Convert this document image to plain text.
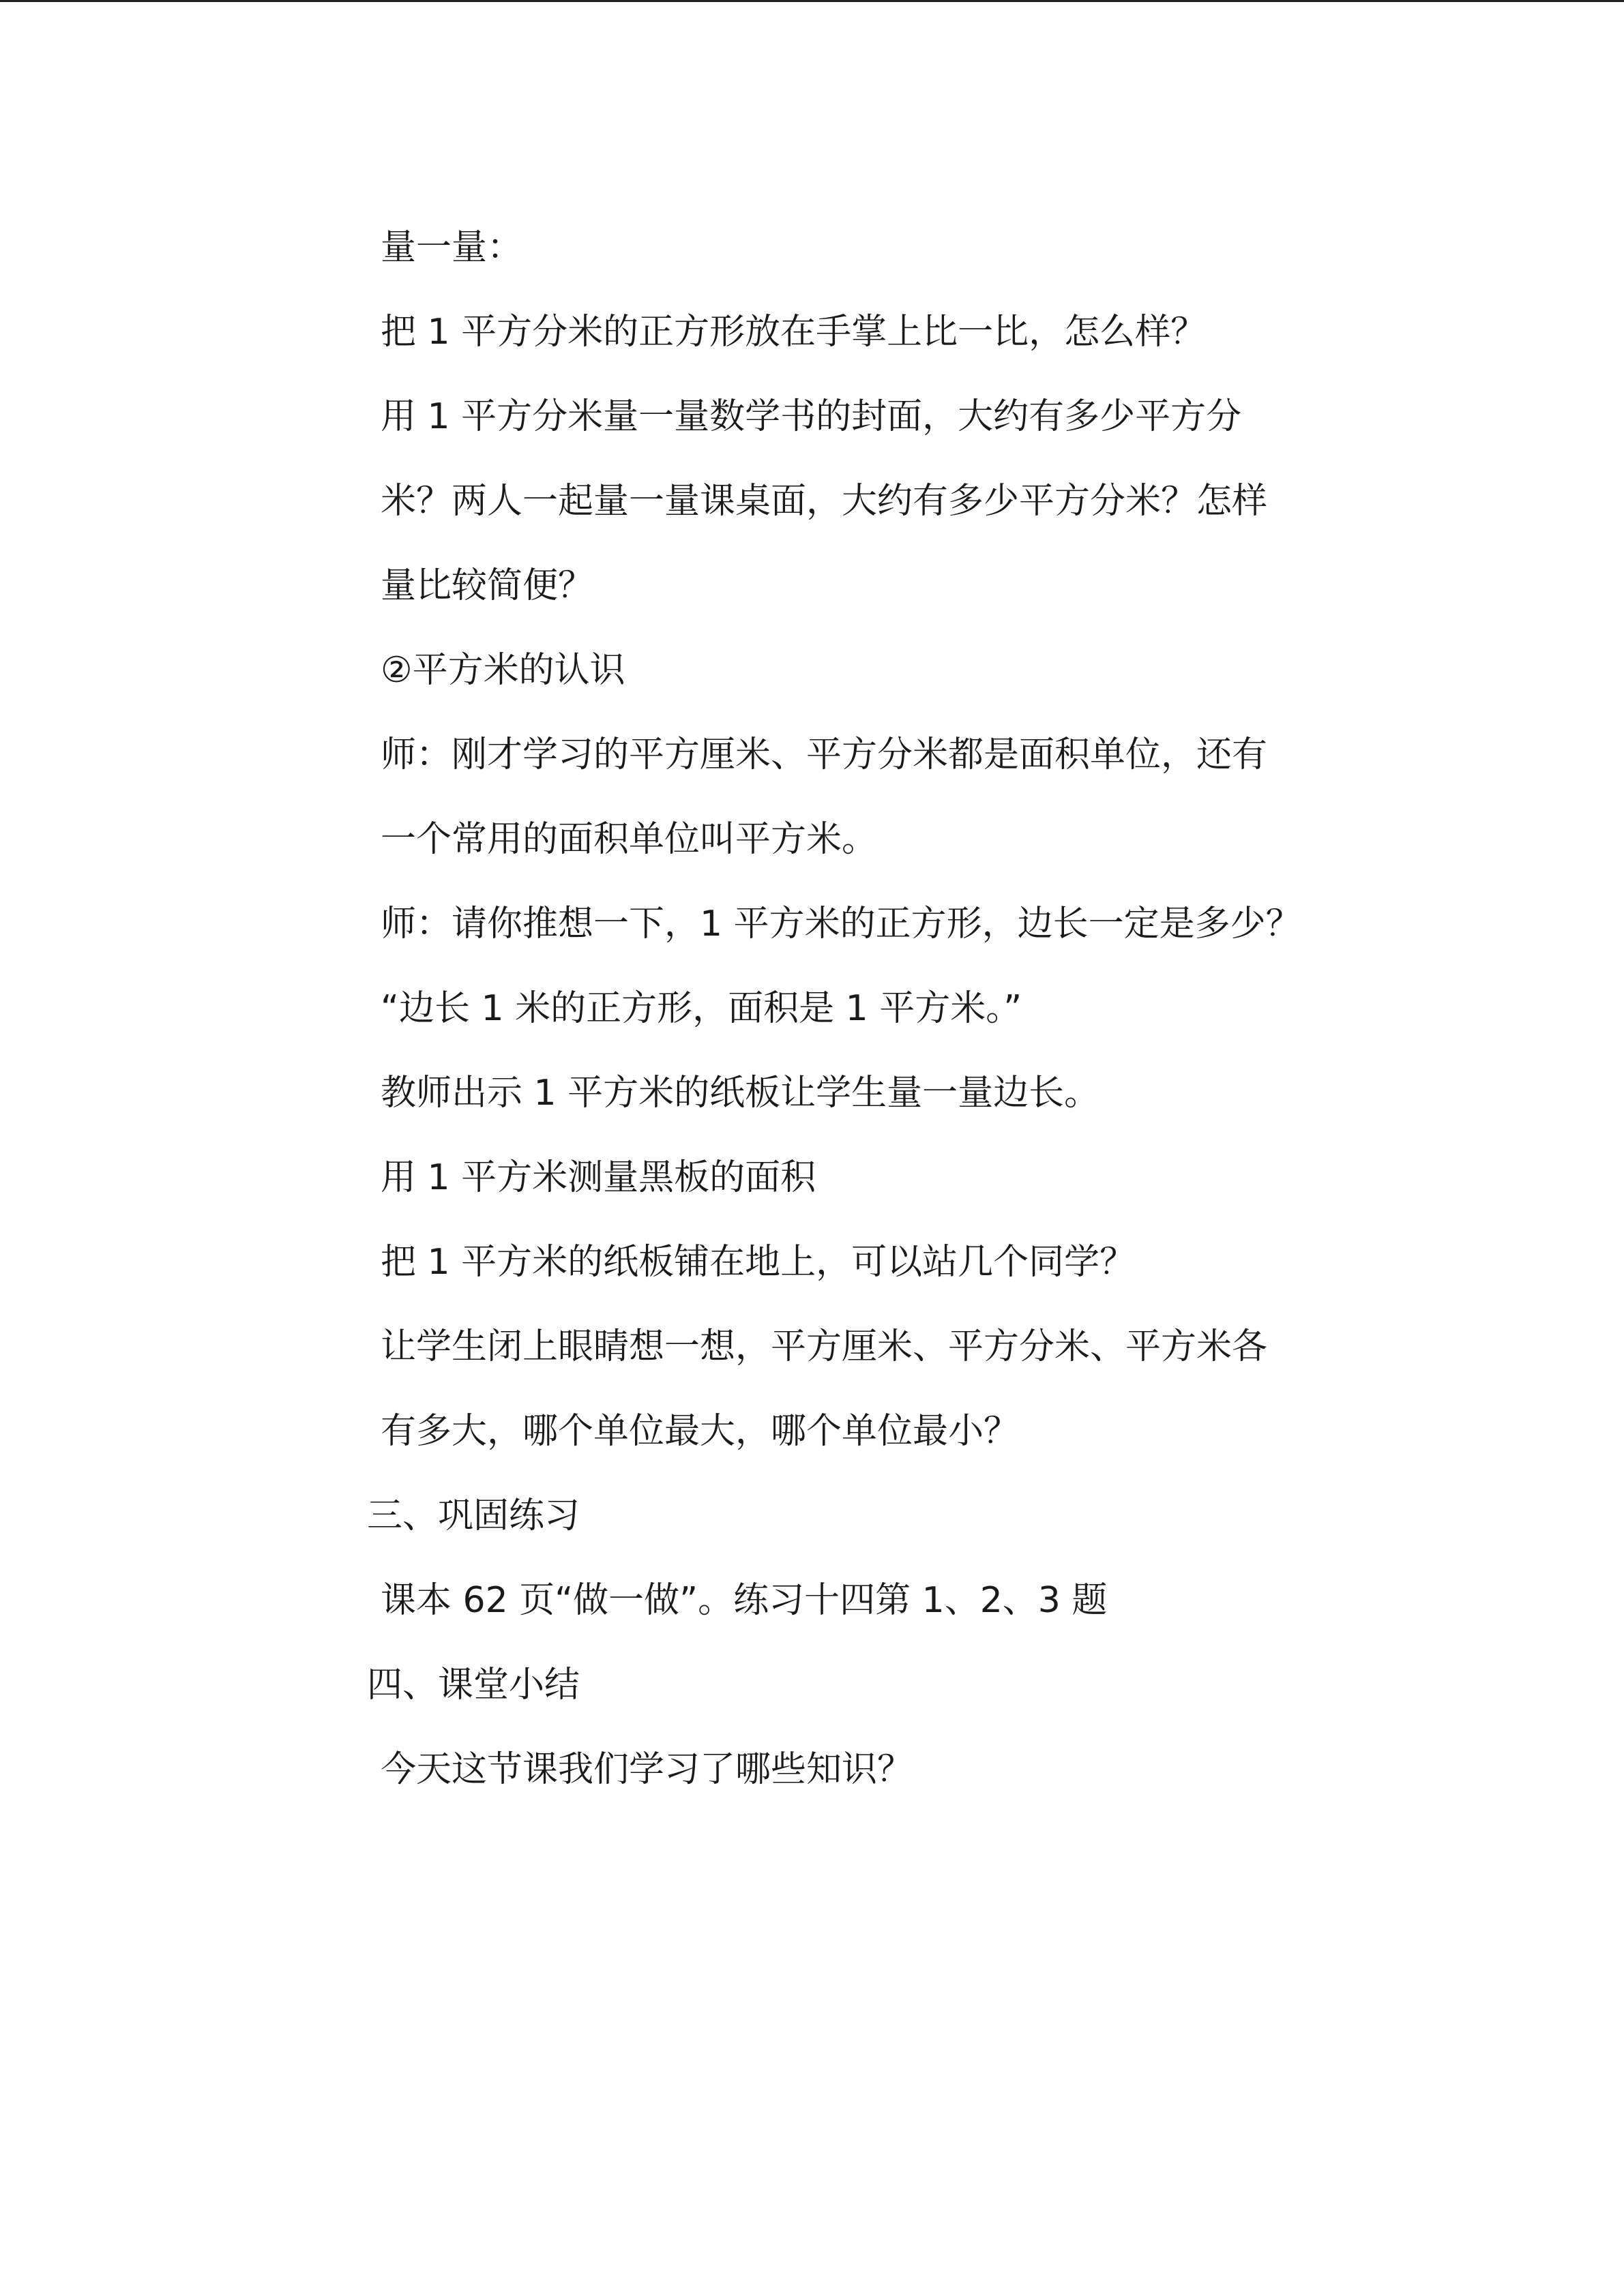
量一量：
把 1 平方分米的正方形放在手掌上比一比，怎么样？
用 1 平方分米量一量数学书的封面，大约有多少平方分
米？两人一起量一量课桌面，大约有多少平方分米？怎样
量比较简便？
②平方米的认识
师：刚才学习的平方厘米、平方分米都是面积单位，还有
一个常用的面积单位叫平方米。
师：请你推想一下，1 平方米的正方形，边长一定是多少？
“边长 1 米的正方形，面积是 1 平方米。”
教师出示 1 平方米的纸板让学生量一量边长。
用 1 平方米测量黑板的面积
把 1 平方米的纸板铺在地上，可以站几个同学？
让学生闭上眼睛想一想，平方厘米、平方分米、平方米各
有多大，哪个单位最大，哪个单位最小？
三、巩固练习
课本 62 页“做一做”。练习十四第 1、2、3 题
四、课堂小结
今天这节课我们学习了哪些知识？
